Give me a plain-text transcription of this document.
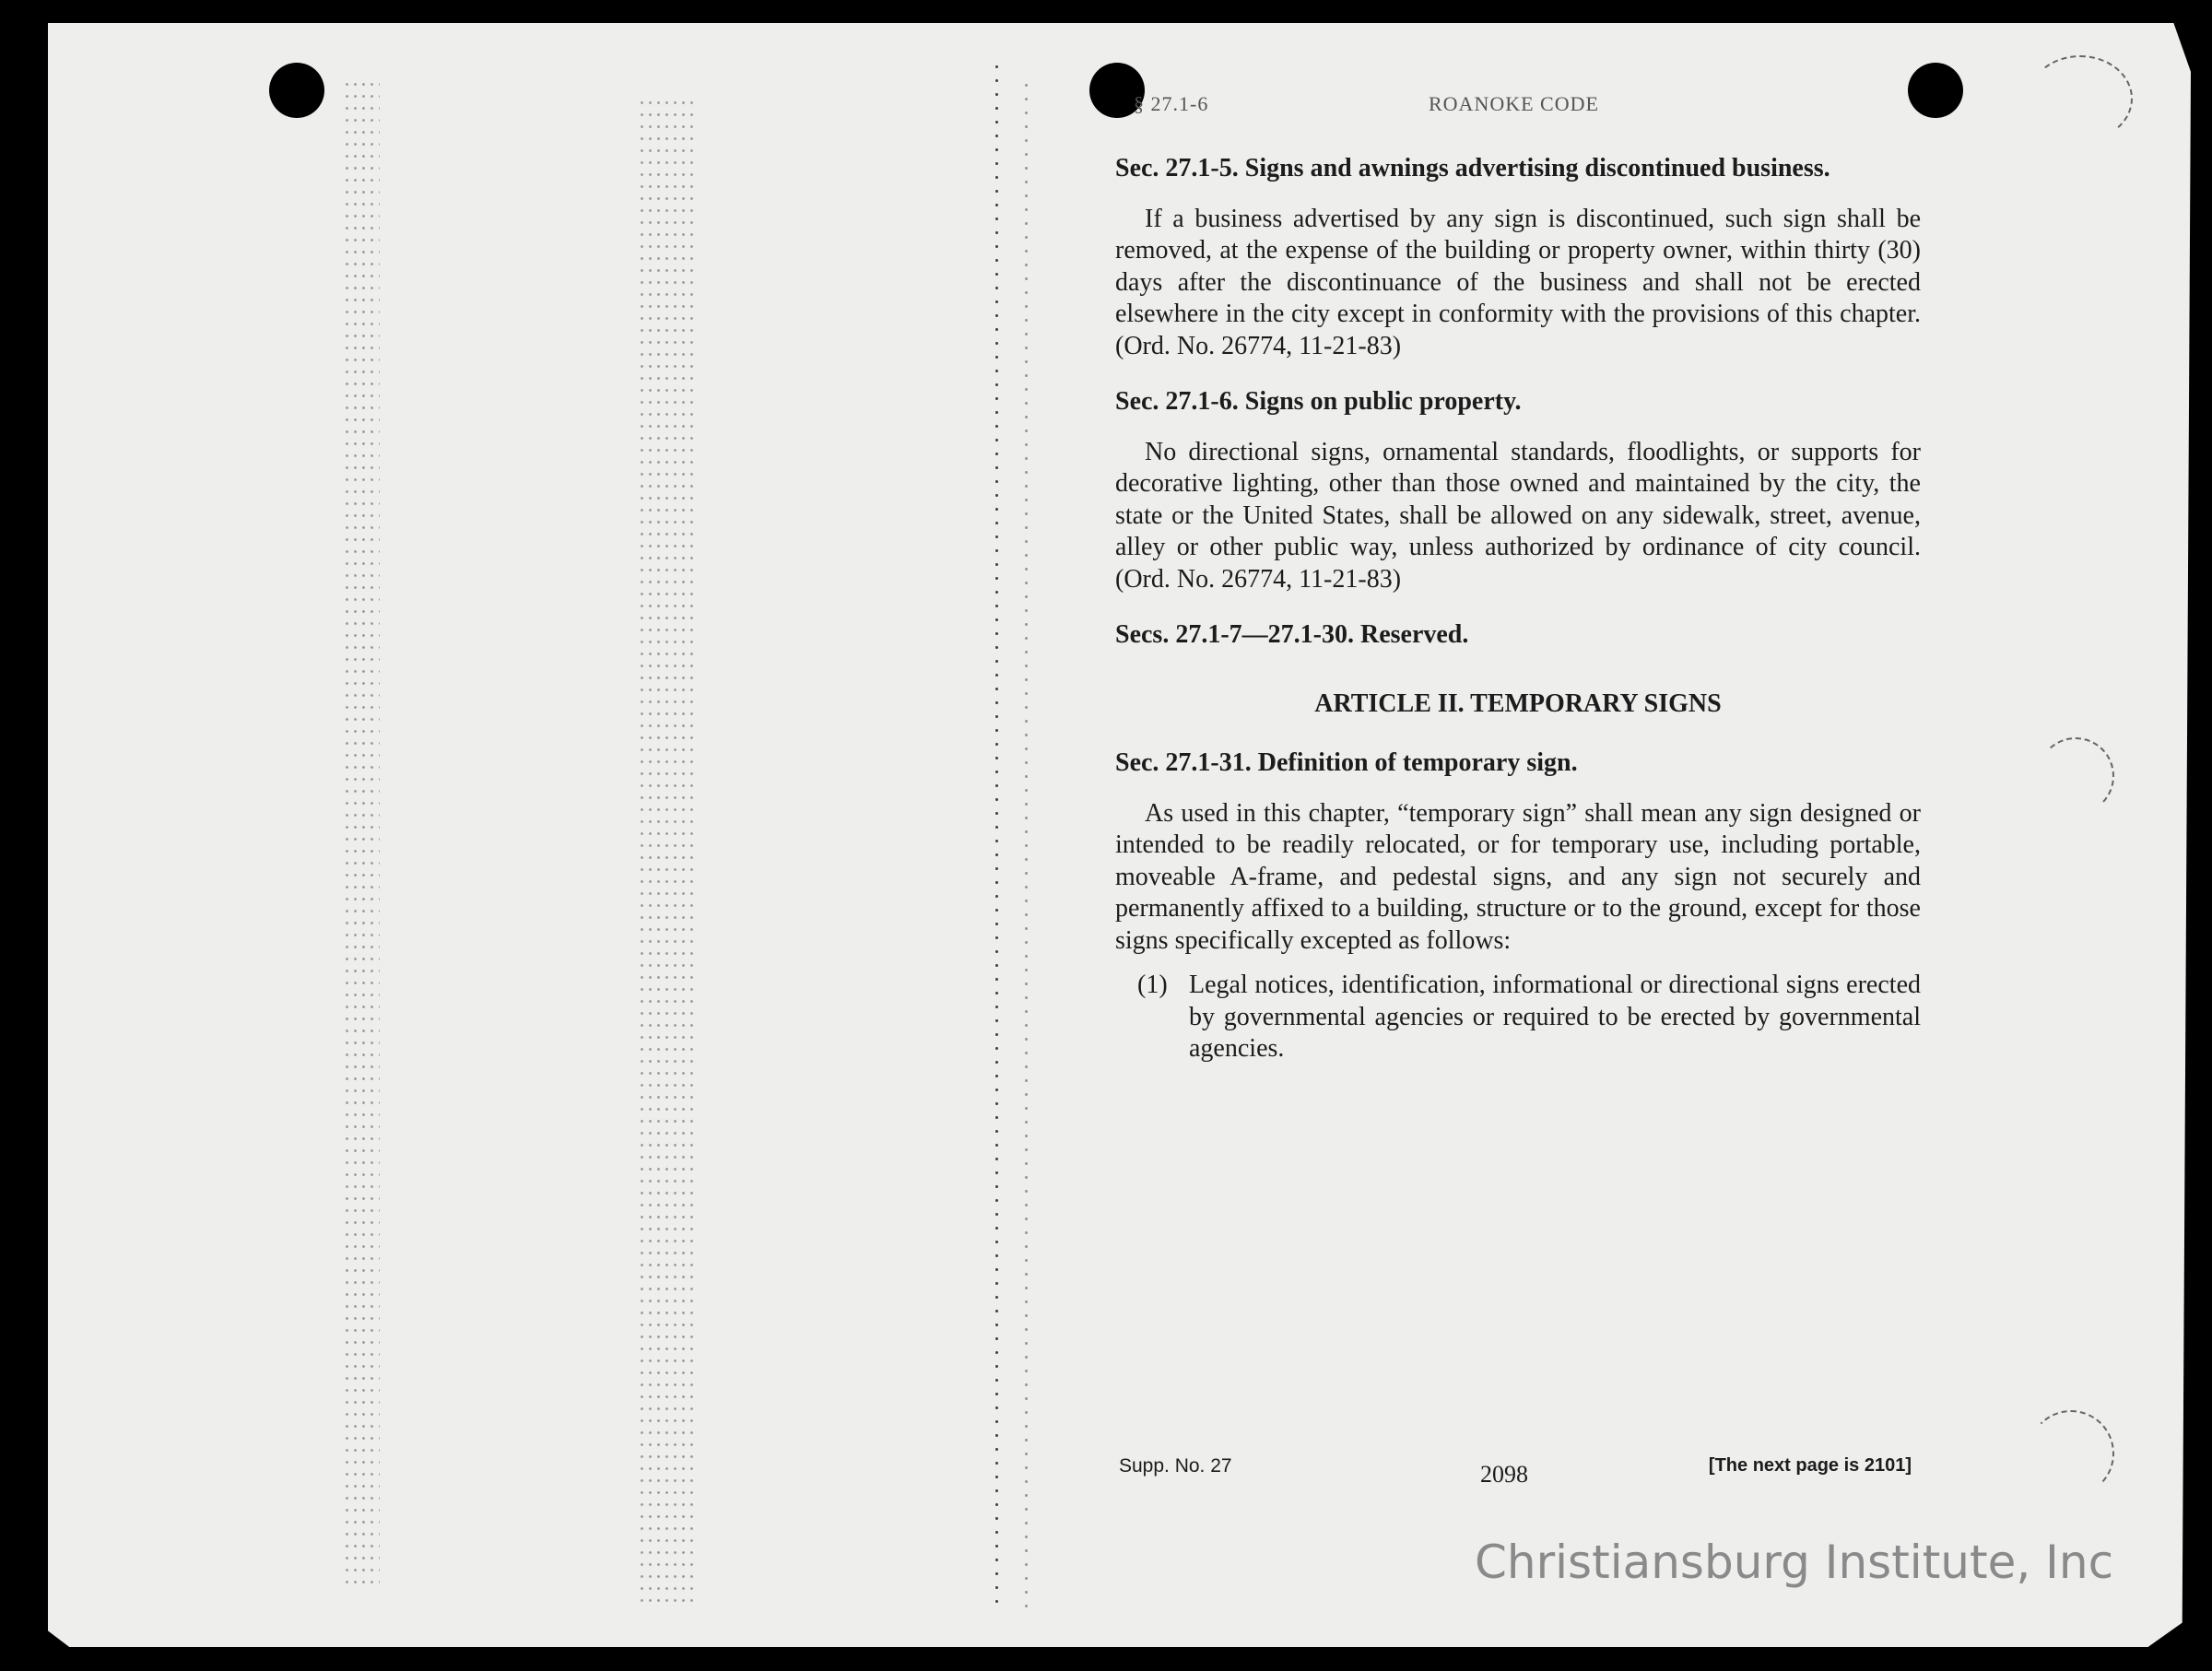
§ 27.1-6	ROANOKE CODE
Sec. 27.1-5. Signs and awnings advertising discontinued business.

If a business advertised by any sign is discontinued, such sign shall be removed, at the expense of the building or property owner, within thirty (30) days after the discontinuance of the business and shall not be erected elsewhere in the city except in conformity with the provisions of this chapter. (Ord. No. 26774, 11-21-83)

Sec. 27.1-6. Signs on public property.

No directional signs, ornamental standards, floodlights, or supports for decorative lighting, other than those owned and maintained by the city, the state or the United States, shall be allowed on any sidewalk, street, avenue, alley or other public way, unless authorized by ordinance of city council. (Ord. No. 26774, 11-21-83)

Secs. 27.1-7—27.1-30. Reserved.
ARTICLE II. TEMPORARY SIGNS
Sec. 27.1-31. Definition of temporary sign.

As used in this chapter, “temporary sign” shall mean any sign designed or intended to be readily relocated, or for temporary use, including portable, moveable A-frame, and pedestal signs, and any sign not securely and permanently affixed to a building, structure or to the ground, except for those signs specifically excepted as follows:

(1) Legal notices, identification, informational or directional signs erected by governmental agencies or required to be erected by governmental agencies.
Supp. No. 27	2098	[The next page is 2101]
Christiansburg Institute, Inc
